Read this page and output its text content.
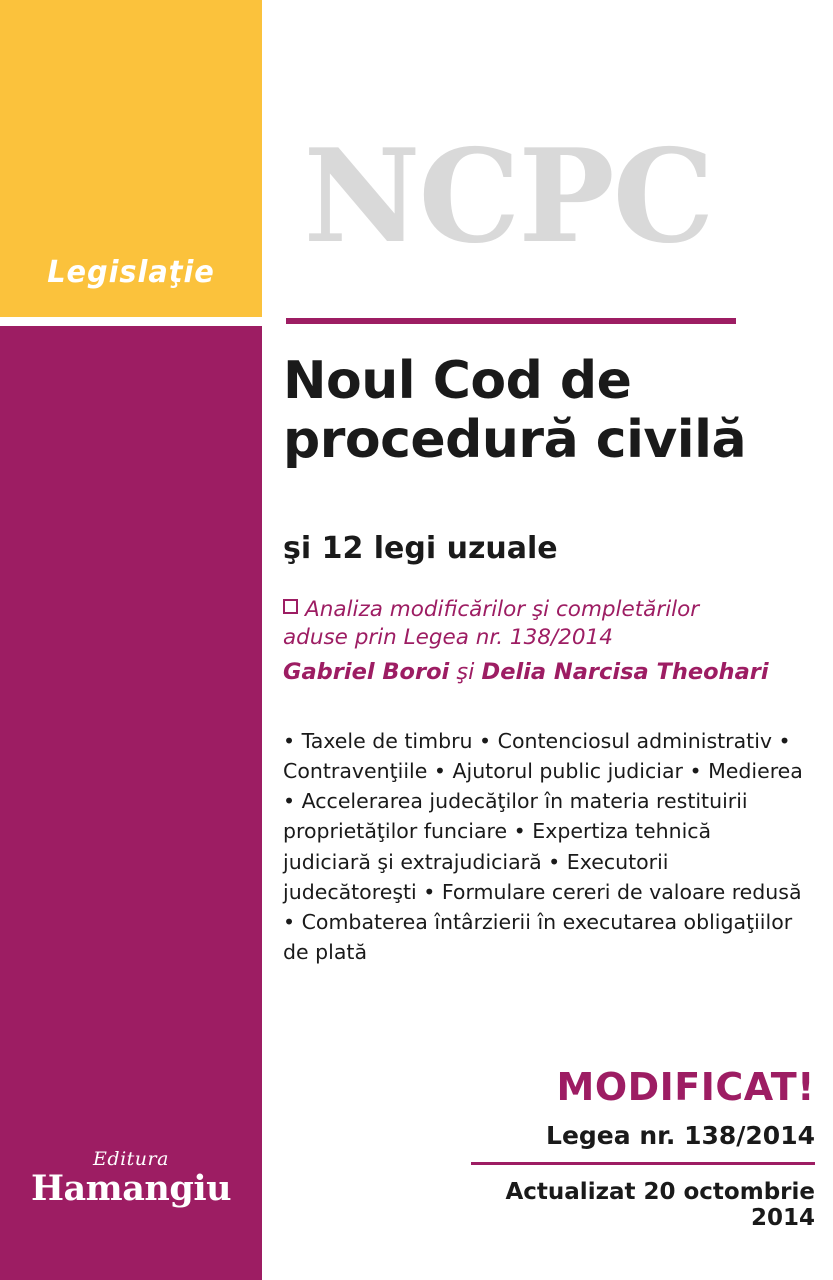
Legislaţie
Editura
Hamangiu
NCPC
Noul Cod de
procedură civilă
şi 12 legi uzuale
Analiza modificărilor şi completărilor aduse prin Legea nr. 138/2014
Gabriel Boroi şi Delia Narcisa Theohari
• Taxele de timbru • Contenciosul administrativ • Contravenţiile • Ajutorul public judiciar • Medierea • Accelerarea judecăţilor în materia restituirii proprietăţilor funciare • Expertiza tehnică judiciară şi extrajudiciară • Executorii judecătoreşti • Formulare cereri de valoare redusă • Combaterea întârzierii în executarea obligaţiilor de plată
MODIFICAT!
Legea nr. 138/2014
Actualizat 20 octombrie 2014
